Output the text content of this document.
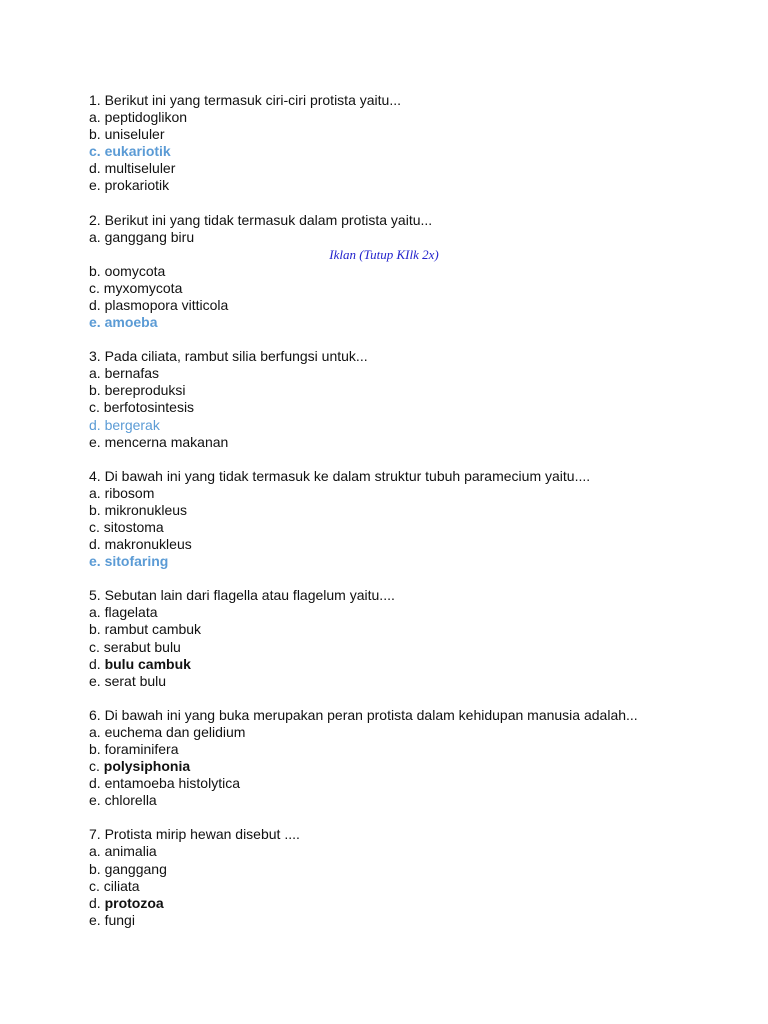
1. Berikut ini yang termasuk ciri-ciri protista yaitu...
a. peptidoglikon
b. uniseluler
c. eukariotik
d. multiseluler
e. prokariotik
2. Berikut ini yang tidak termasuk dalam protista yaitu...
a. ganggang biru
Iklan (Tutup KIlk 2x)
b. oomycota
c. myxomycota
d. plasmopora vitticola
e. amoeba
3. Pada ciliata, rambut silia berfungsi untuk...
a. bernafas
b. bereproduksi
c. berfotosintesis
d. bergerak
e. mencerna makanan
4. Di bawah ini yang tidak termasuk ke dalam struktur tubuh paramecium yaitu....
a. ribosom
b. mikronukleus
c. sitostoma
d. makronukleus
e. sitofaring
5. Sebutan lain dari flagella atau flagelum yaitu....
a. flagelata
b. rambut cambuk
c. serabut bulu
d. bulu cambuk
e. serat bulu
6. Di bawah ini yang buka merupakan peran protista dalam kehidupan manusia adalah...
a. euchema dan gelidium
b. foraminifera
c. polysiphonia
d. entamoeba histolytica
e. chlorella
7. Protista mirip hewan disebut ....
a. animalia
b. ganggang
c. ciliata
d. protozoa
e. fungi
